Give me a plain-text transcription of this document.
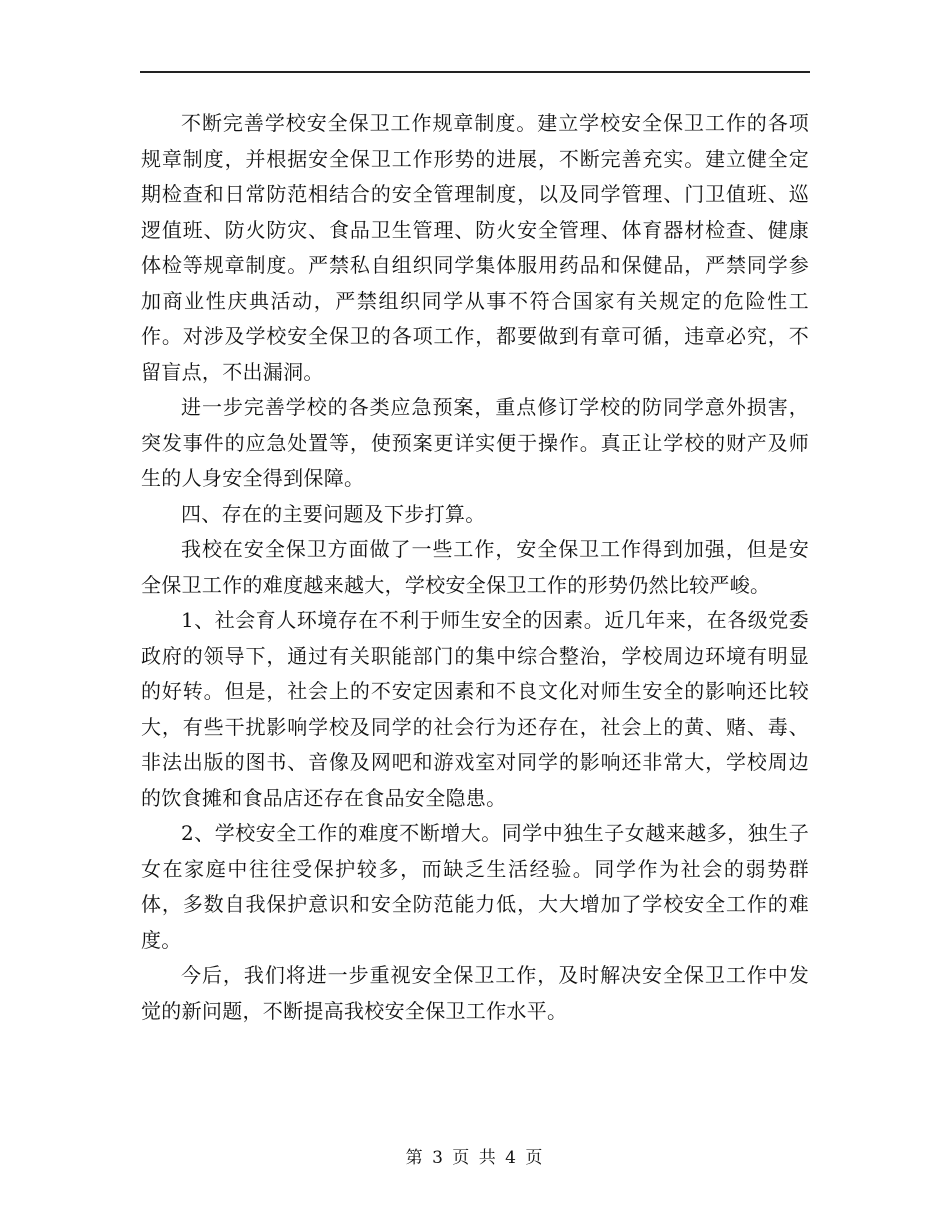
不断完善学校安全保卫工作规章制度。建立学校安全保卫工作的各项规章制度，并根据安全保卫工作形势的进展，不断完善充实。建立健全定期检查和日常防范相结合的安全管理制度，以及同学管理、门卫值班、巡逻值班、防火防灾、食品卫生管理、防火安全管理、体育器材检查、健康体检等规章制度。严禁私自组织同学集体服用药品和保健品，严禁同学参加商业性庆典活动，严禁组织同学从事不符合国家有关规定的危险性工作。对涉及学校安全保卫的各项工作，都要做到有章可循，违章必究，不留盲点，不出漏洞。

进一步完善学校的各类应急预案，重点修订学校的防同学意外损害，突发事件的应急处置等，使预案更详实便于操作。真正让学校的财产及师生的人身安全得到保障。

四、存在的主要问题及下步打算。

我校在安全保卫方面做了一些工作，安全保卫工作得到加强，但是安全保卫工作的难度越来越大，学校安全保卫工作的形势仍然比较严峻。

1、社会育人环境存在不利于师生安全的因素。近几年来，在各级党委政府的领导下，通过有关职能部门的集中综合整治，学校周边环境有明显的好转。但是，社会上的不安定因素和不良文化对师生安全的影响还比较大，有些干扰影响学校及同学的社会行为还存在，社会上的黄、赌、毒、非法出版的图书、音像及网吧和游戏室对同学的影响还非常大，学校周边的饮食摊和食品店还存在食品安全隐患。

2、学校安全工作的难度不断增大。同学中独生子女越来越多，独生子女在家庭中往往受保护较多，而缺乏生活经验。同学作为社会的弱势群体，多数自我保护意识和安全防范能力低，大大增加了学校安全工作的难度。

今后，我们将进一步重视安全保卫工作，及时解决安全保卫工作中发觉的新问题，不断提高我校安全保卫工作水平。

第 3 页 共 4 页
